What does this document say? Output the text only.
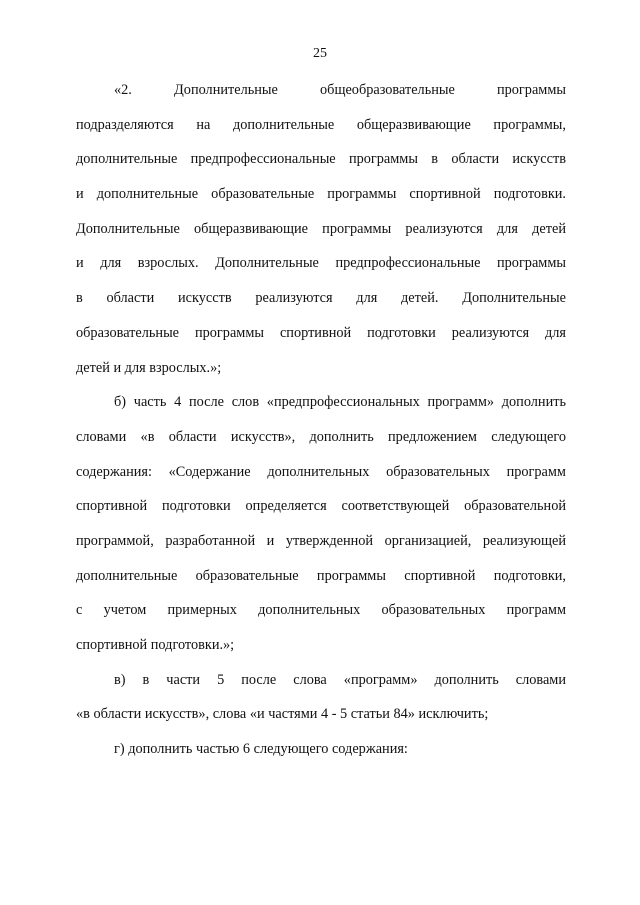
25
«2. Дополнительные общеобразовательные программы
подразделяются на дополнительные общеразвивающие программы,
дополнительные предпрофессиональные программы в области искусств
и дополнительные образовательные программы спортивной подготовки.
Дополнительные общеразвивающие программы реализуются для детей
и для взрослых. Дополнительные предпрофессиональные программы
в области искусств реализуются для детей. Дополнительные
образовательные программы спортивной подготовки реализуются для
детей и для взрослых.»;
б) часть 4 после слов «предпрофессиональных программ» дополнить
словами «в области искусств», дополнить предложением следующего
содержания: «Содержание дополнительных образовательных программ
спортивной подготовки определяется соответствующей образовательной
программой, разработанной и утвержденной организацией, реализующей
дополнительные образовательные программы спортивной подготовки,
с учетом примерных дополнительных образовательных программ
спортивной подготовки.»;
в) в части 5 после слова «программ» дополнить словами
«в области искусств», слова «и частями 4 - 5 статьи 84» исключить;
г) дополнить частью 6 следующего содержания:
